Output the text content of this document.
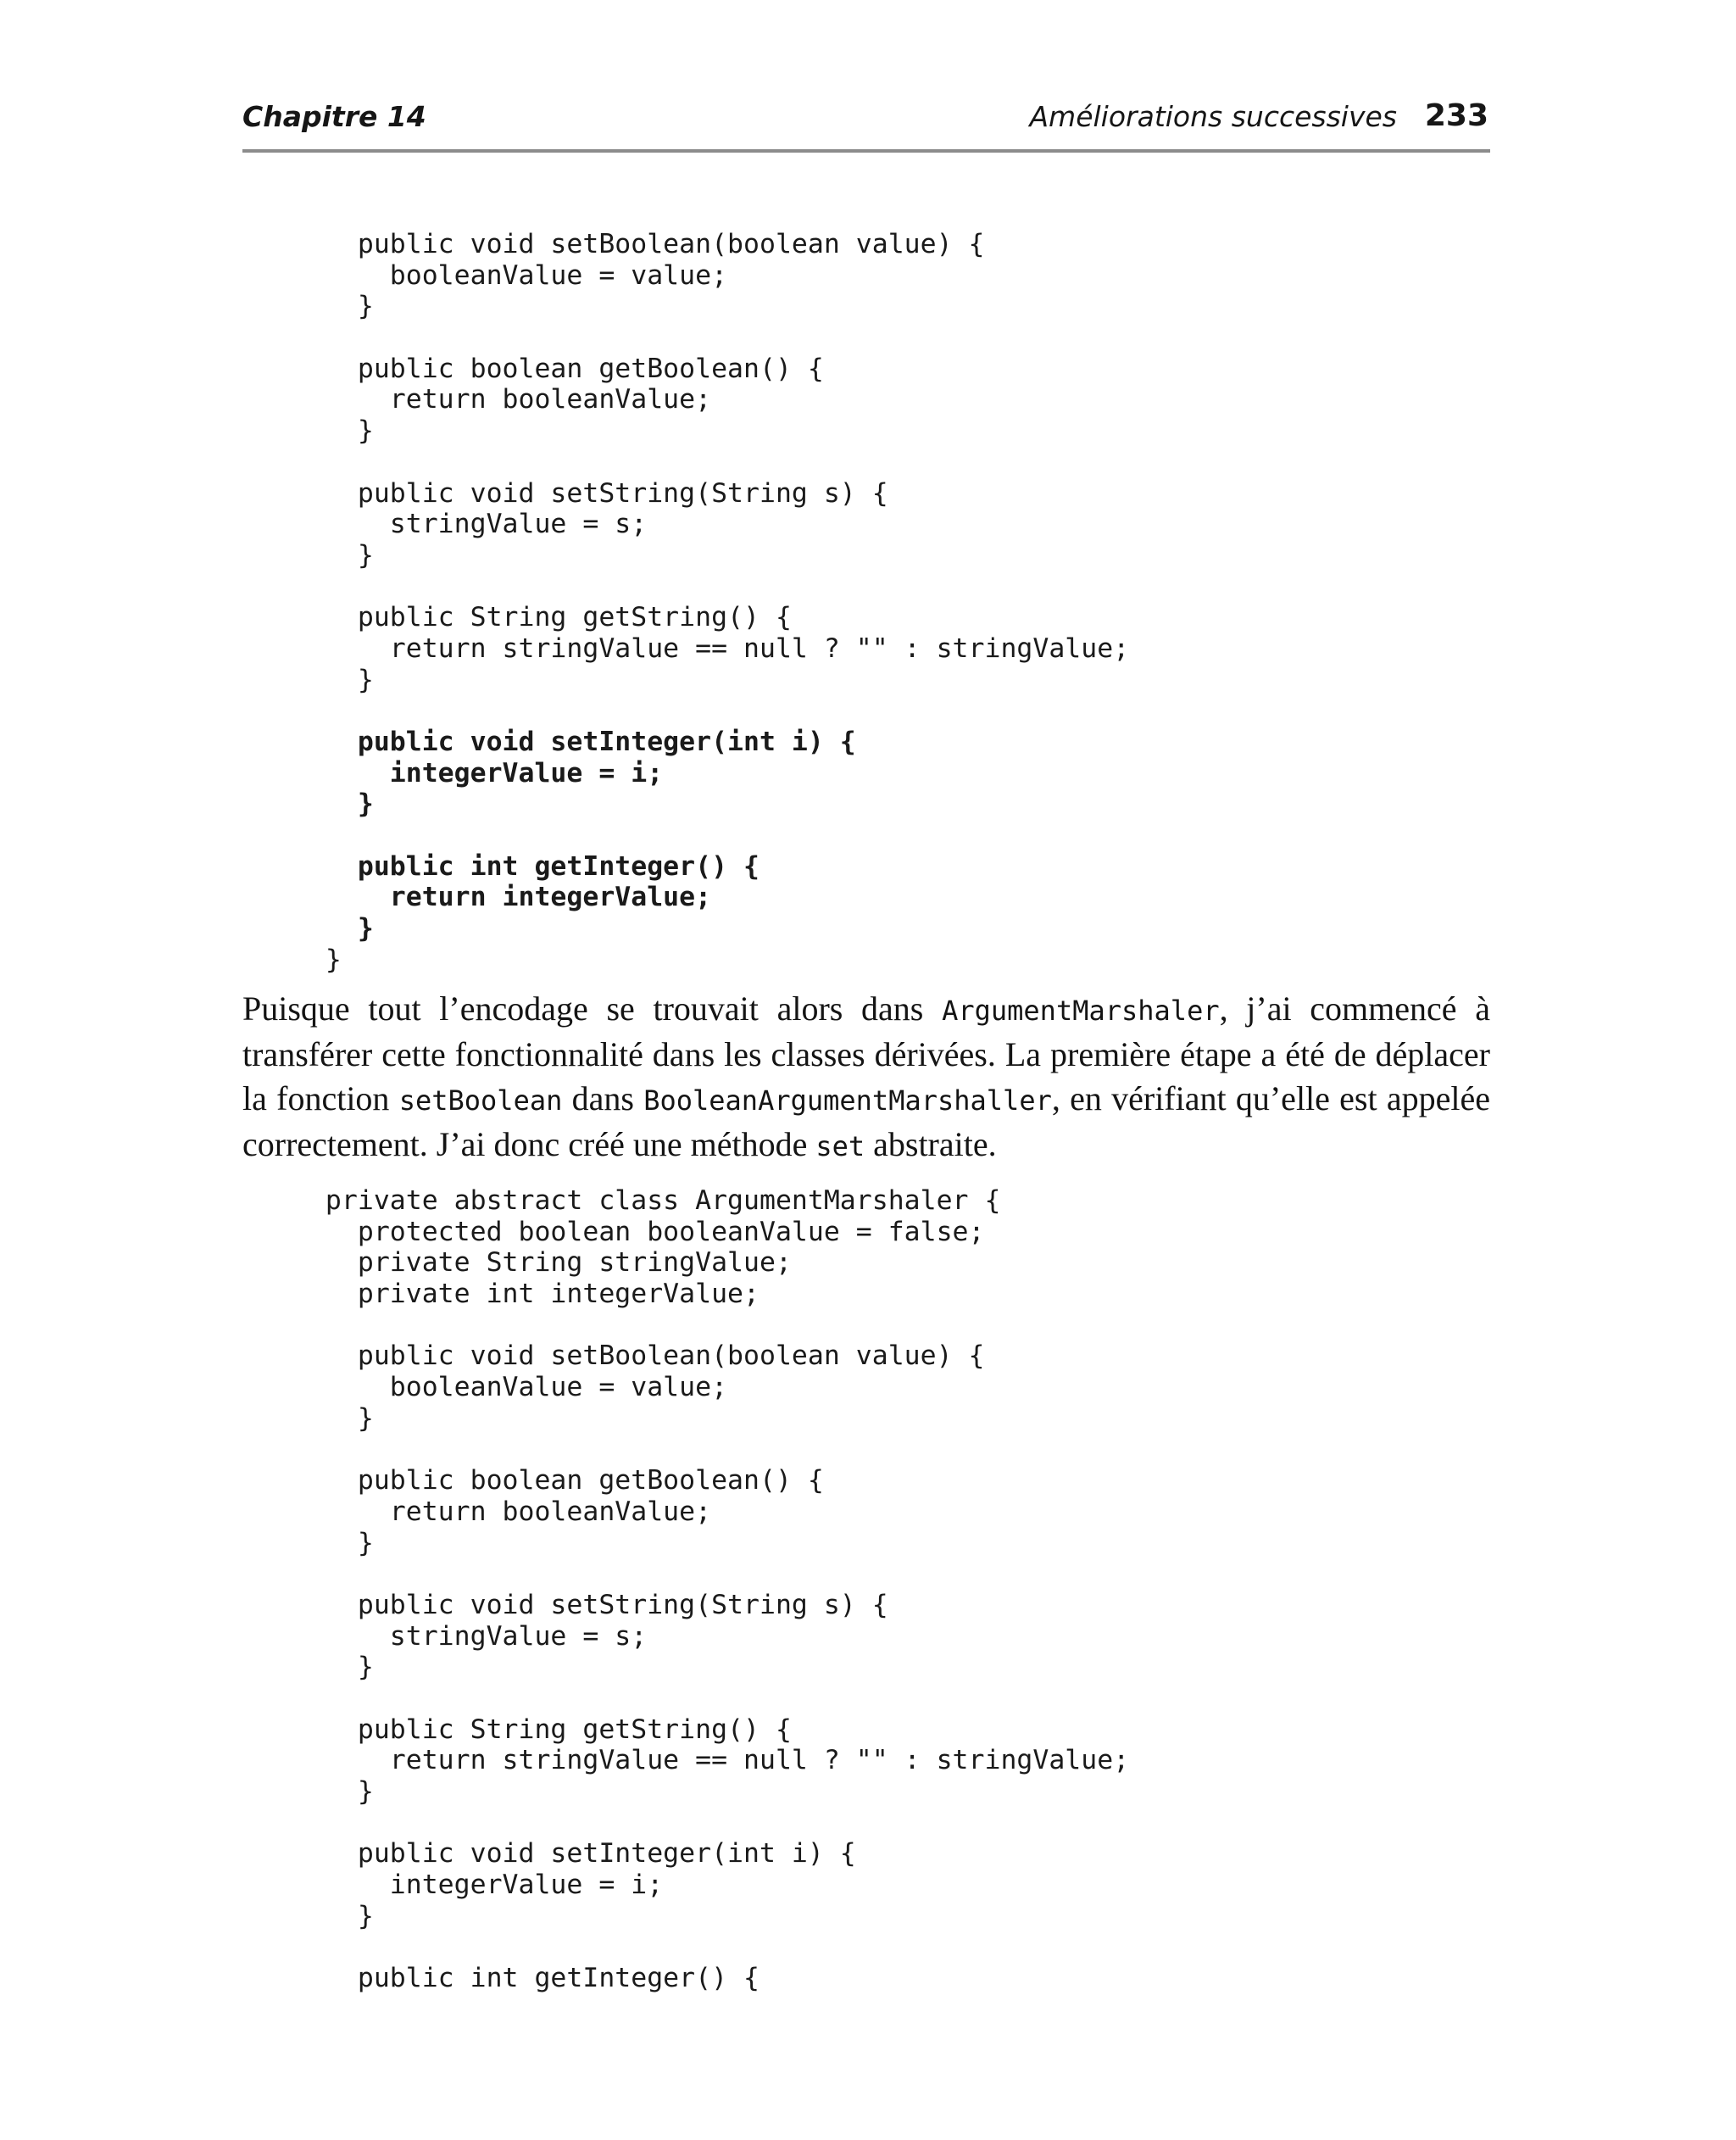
Chapitre 14	Améliorations successives 233
public void setBoolean(boolean value) {
booleanValue = value;
}
public boolean getBoolean() {
return booleanValue;
}
public void setString(String s) {
stringValue = s;
}
public String getString() {
return stringValue == null ? "" : stringValue;
}
public void setInteger(int i) {
integerValue = i;
}
public int getInteger() {
return integerValue;
}
}
Puisque tout l’encodage se trouvait alors dans ArgumentMarshaler, j’ai commencé à transférer cette fonctionnalité dans les classes dérivées. La première étape a été de déplacer la fonction setBoolean dans BooleanArgumentMarshaller, en vérifiant qu’elle est appelée correctement. J’ai donc créé une méthode set abstraite.
private abstract class ArgumentMarshaler {
protected boolean booleanValue = false;
private String stringValue;
private int integerValue;
public void setBoolean(boolean value) {
booleanValue = value;
}
public boolean getBoolean() {
return booleanValue;
}
public void setString(String s) {
stringValue = s;
}
public String getString() {
return stringValue == null ? "" : stringValue;
}
public void setInteger(int i) {
integerValue = i;
}
public int getInteger() {
